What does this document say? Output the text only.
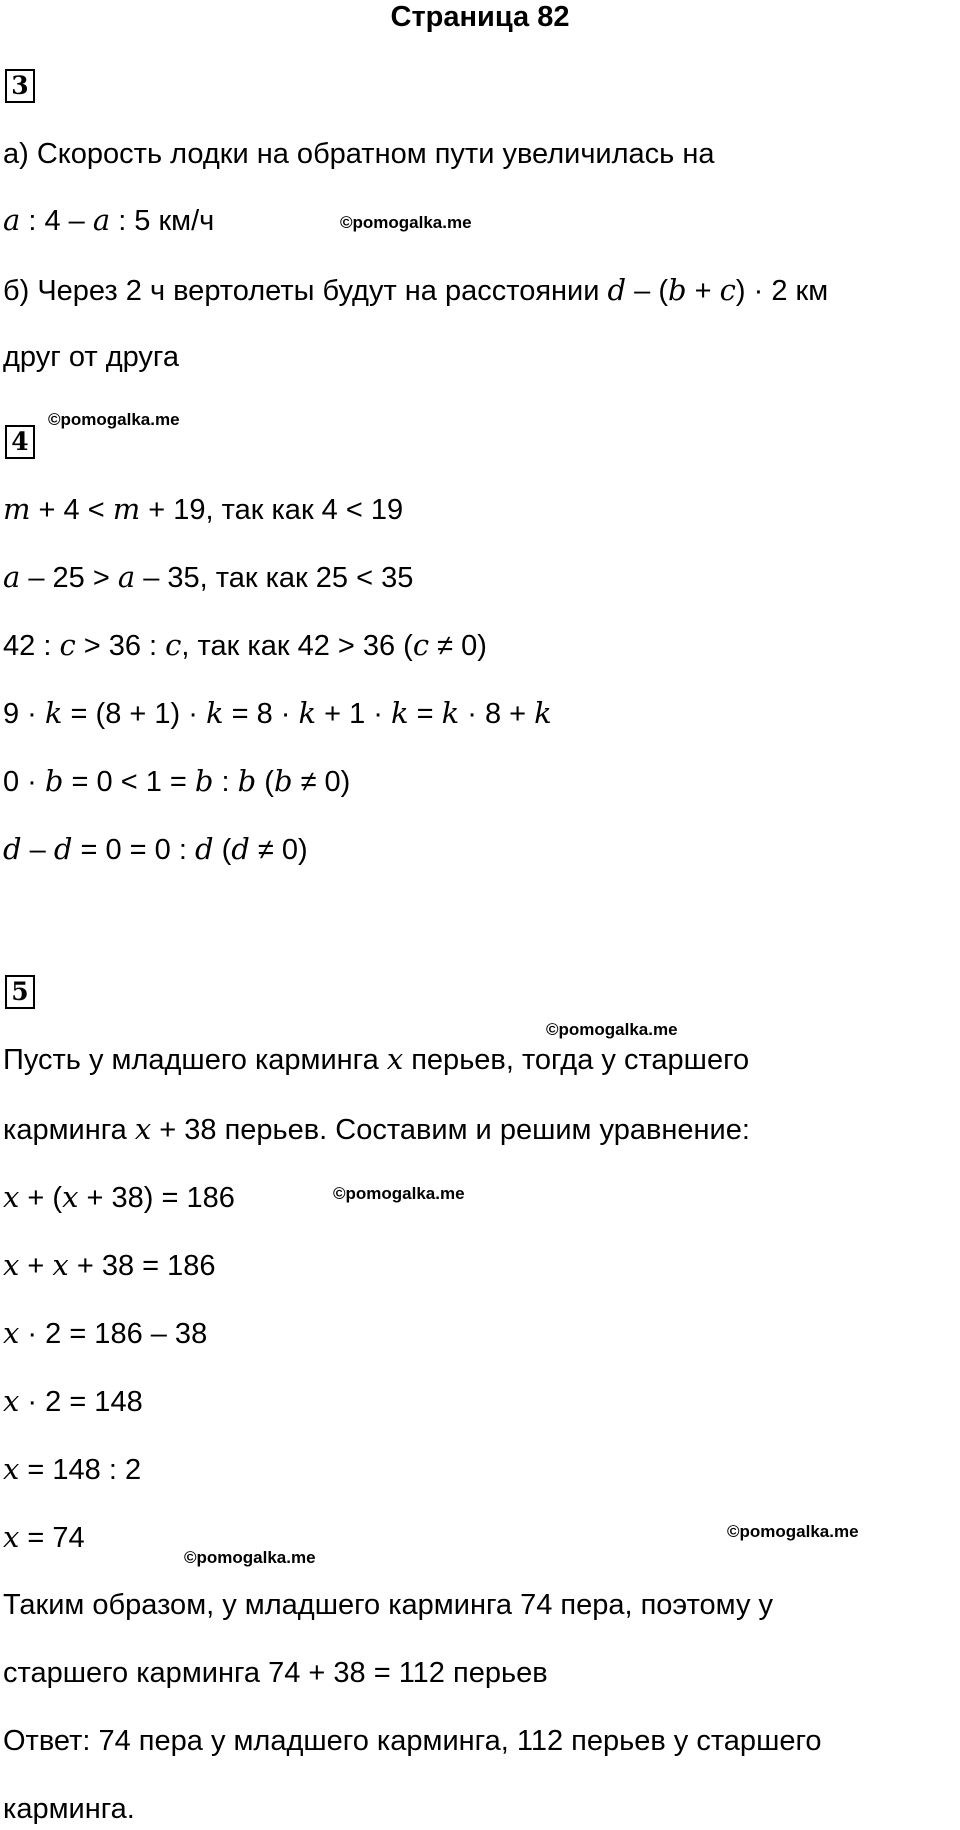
Страница 82
3
а) Скорость лодки на обратном пути увеличилась на
a : 4 – a : 5 км/ч	©pomogalka.me
б) Через 2 ч вертолеты будут на расстоянии d – (b + c) · 2 км
друг от друга
4
©pomogalka.me
m + 4 < m + 19, так как 4 < 19
a – 25 > a – 35, так как 25 < 35
42 : c > 36 : c, так как 42 > 36 (c ≠ 0)
9 · k = (8 + 1) · k = 8 · k + 1 · k = k · 8 + k
0 · b = 0 < 1 = b : b (b ≠ 0)
d – d = 0 = 0 : d (d ≠ 0)
5
©pomogalka.me
Пусть у младшего карминга x перьев, тогда у старшего
карминга x + 38 перьев. Составим и решим уравнение:
x + (x + 38) = 186	©pomogalka.me
x + x + 38 = 186
x · 2 = 186 – 38
x · 2 = 148
x = 148 : 2
x = 74	©pomogalka.me
©pomogalka.me
Таким образом, у младшего карминга 74 пера, поэтому у
старшего карминга 74 + 38 = 112 перьев
Ответ: 74 пера у младшего карминга, 112 перьев у старшего
карминга.
